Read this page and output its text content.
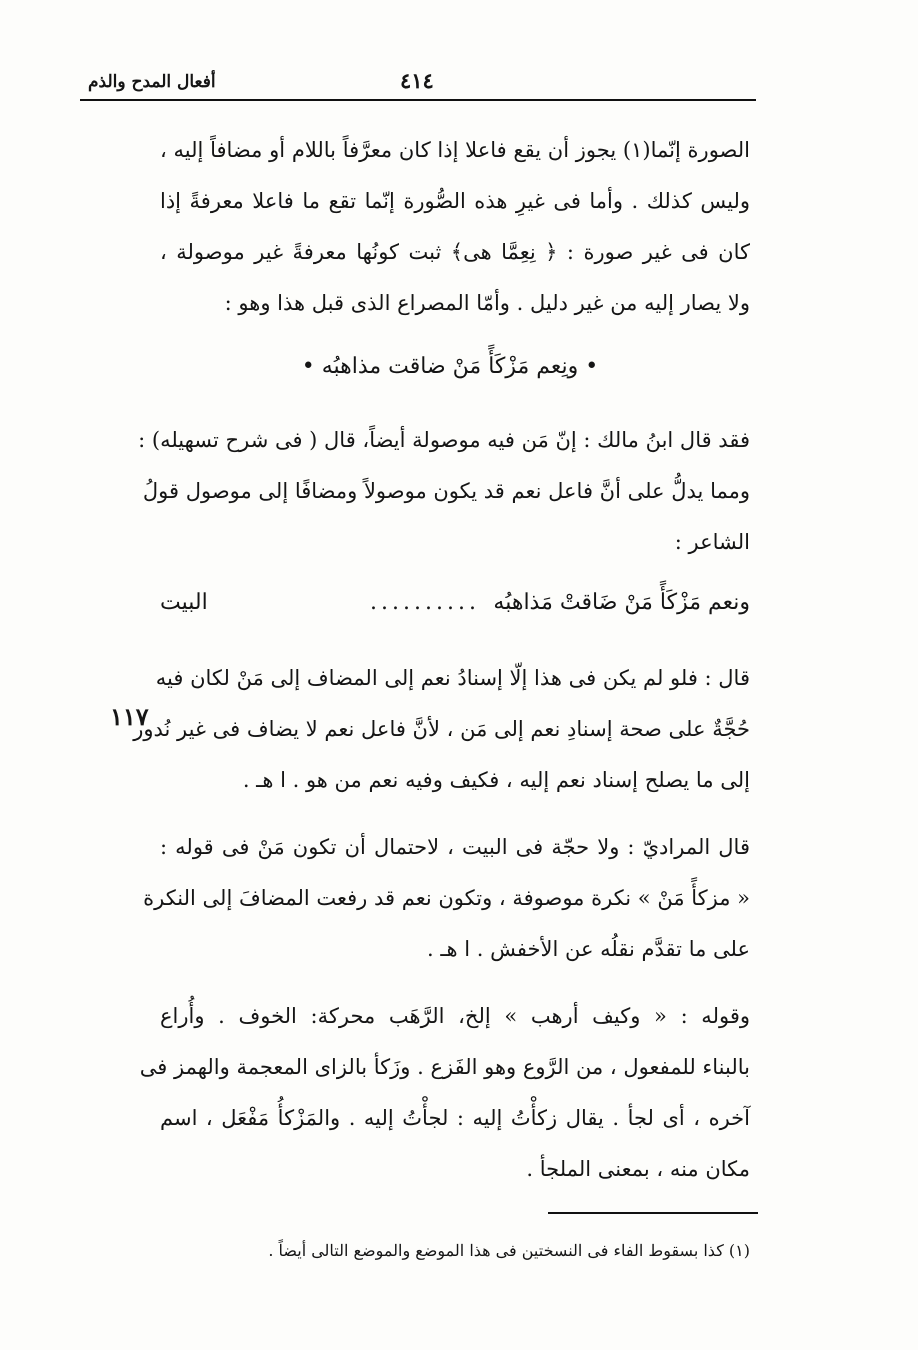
أفعال المدح والذم	٤١٤
الصورة إنّما(١) يجوز أن يقع فاعلا إذا كان معرَّفاً باللام أو مضافاً إليه ،
وليس كذلك . وأما فى غيرِ هذه الصُّورة إنّما تقع ما فاعلا معرفةً إذا
كان فى غير صورة : ﴿ نِعِمَّا هى﴾ ثبت كونُها معرفةً غير موصولة ،
ولا يصار إليه من غير دليل . وأمّا المصراع الذى قبل هذا وهو :
• ونِعم مَزْكَأً مَنْ ضاقت مذاهبُه •
فقد قال ابنُ مالك : إنّ مَن فيه موصولة أيضاً، قال ( فى شرح تسهيله) :
ومما يدلُّ على أنَّ فاعل نعم قد يكون موصولاً ومضافًا إلى موصول قولُ
الشاعر :
ونعم مَزْكَأً مَنْ ضَاقتْ مَذاهبُه
..........
البيت
قال : فلو لم يكن فى هذا إلّا إسنادُ نعم إلى المضاف إلى مَنْ لكان فيه
حُجَّةٌ على صحة إسنادِ نعم إلى مَن ، لأنَّ فاعل نعم لا يضاف فى غير نُدور
إلى ما يصلح إسناد نعم إليه ، فكيف وفيه نعم من هو . ا هـ .
١١٧
قال المراديّ : ولا حجّة فى البيت ، لاحتمال أن تكون مَنْ فى قوله :
« مزكأً مَنْ » نكرة موصوفة ، وتكون نعم قد رفعت المضافَ إلى النكرة
على ما تقدَّم نقلُه عن الأخفش . ا هـ .
وقوله : « وكيف أرهب » إلخ، الرَّهَب محركة: الخوف . وأُراع
بالبناء للمفعول ، من الرَّوع وهو الفَزع . وزَكأ بالزاى المعجمة والهمز فى
آخره ، أى لجأ . يقال زكأْتُ إليه : لجأْتُ إليه . والمَزْكأُ مَفْعَل ، اسم
مكان منه ، بمعنى الملجأ .
(١) كذا بسقوط الفاء فى النسختين فى هذا الموضع والموضع التالى أيضاً .
